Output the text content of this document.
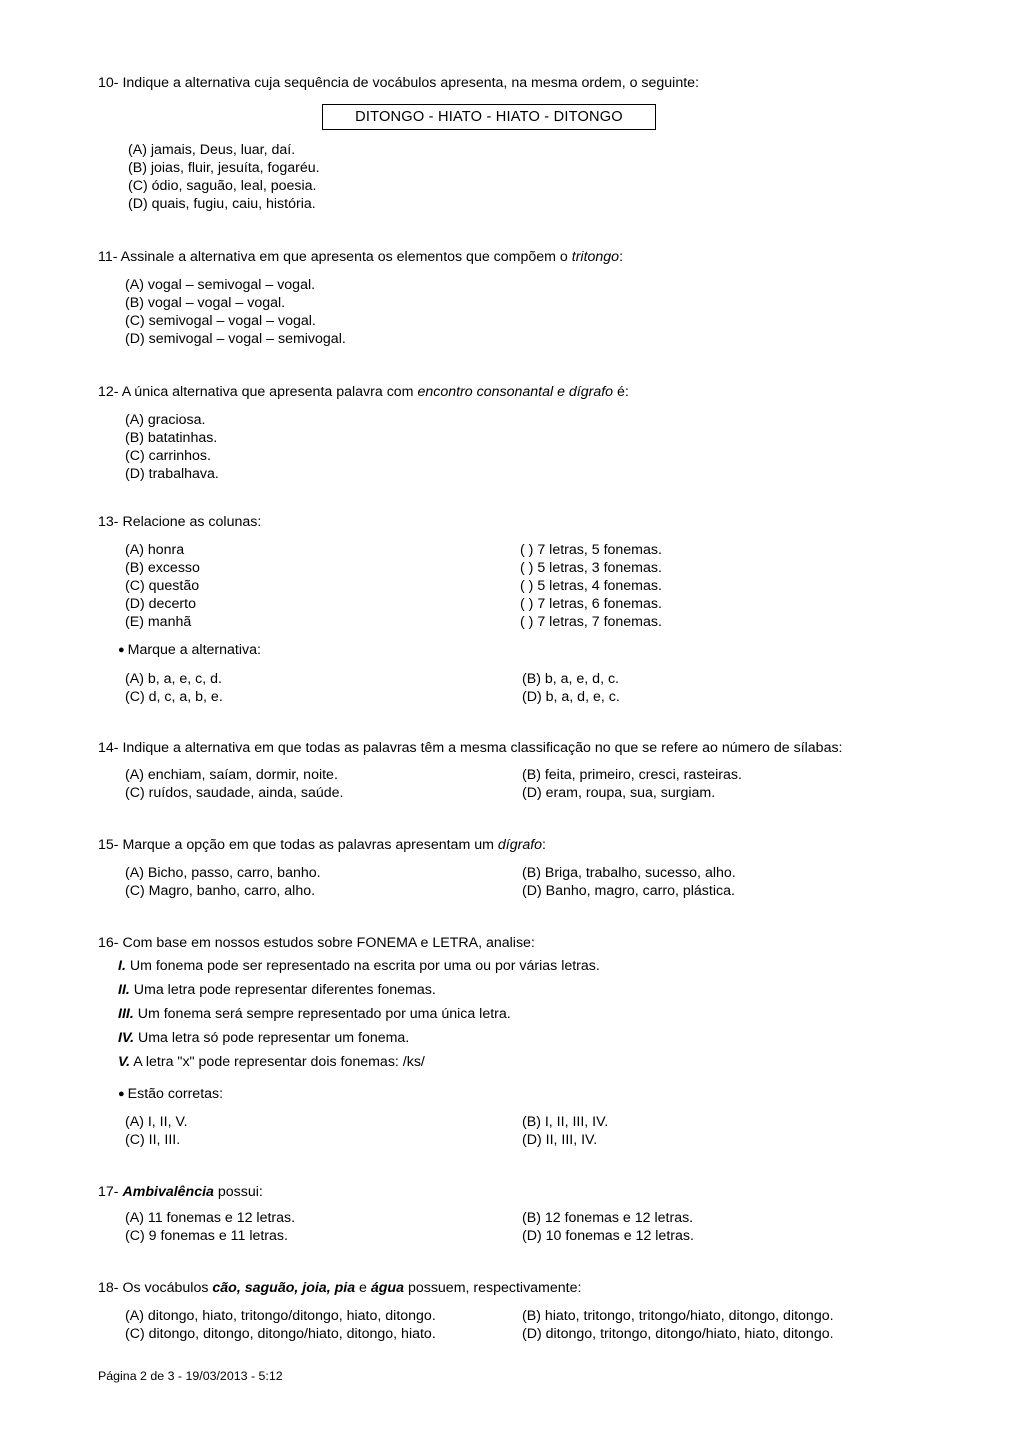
10- Indique a alternativa cuja sequência de vocábulos apresenta, na mesma ordem, o seguinte:
DITONGO - HIATO - HIATO - DITONGO
(A) jamais, Deus, luar, daí.
(B) joias, fluir, jesuíta, fogaréu.
(C) ódio, saguão, leal, poesia.
(D) quais, fugiu, caiu, história.
11- Assinale a alternativa em que apresenta os elementos que compõem o tritongo:
(A) vogal – semivogal – vogal.
(B) vogal – vogal – vogal.
(C) semivogal – vogal – vogal.
(D) semivogal – vogal – semivogal.
12- A única alternativa que apresenta palavra com encontro consonantal e dígrafo é:
(A) graciosa.
(B) batatinhas.
(C) carrinhos.
(D) trabalhava.
13- Relacione as colunas:
(A) honra
(B) excesso
(C) questão
(D) decerto
(E) manhã
( ) 7 letras, 5 fonemas.
( ) 5 letras, 3 fonemas.
( ) 5 letras, 4 fonemas.
( ) 7 letras, 6 fonemas.
( ) 7 letras, 7 fonemas.
● Marque a alternativa:
(A) b, a, e, c, d.
(C) d, c, a, b, e.
(B) b, a, e, d, c.
(D) b, a, d, e, c.
14- Indique a alternativa em que todas as palavras têm a mesma classificação no que se refere ao número de sílabas:
(A) enchiam, saíam, dormir, noite.
(C) ruídos, saudade, ainda, saúde.
(B) feita, primeiro, cresci, rasteiras.
(D) eram, roupa, sua, surgiam.
15- Marque a opção em que todas as palavras apresentam um dígrafo:
(A) Bicho, passo, carro, banho.
(C) Magro, banho, carro, alho.
(B) Briga, trabalho, sucesso, alho.
(D) Banho, magro, carro, plástica.
16- Com base em nossos estudos sobre FONEMA e LETRA, analise:
I. Um fonema pode ser representado na escrita por uma ou por várias letras.
II. Uma letra pode representar diferentes fonemas.
III. Um fonema será sempre representado por uma única letra.
IV. Uma letra só pode representar um fonema.
V. A letra "x" pode representar dois fonemas: /ks/
● Estão corretas:
(A) I, II, V.
(C) II, III.
(B) I, II, III, IV.
(D) II, III, IV.
17- Ambivalência possui:
(A) 11 fonemas e 12 letras.
(C) 9 fonemas e 11 letras.
(B) 12 fonemas e 12 letras.
(D) 10 fonemas e 12 letras.
18- Os vocábulos cão, saguão, joia, pia e água possuem, respectivamente:
(A) ditongo, hiato, tritongo/ditongo, hiato, ditongo.
(C) ditongo, ditongo, ditongo/hiato, ditongo, hiato.
(B) hiato, tritongo, tritongo/hiato, ditongo, ditongo.
(D) ditongo, tritongo, ditongo/hiato, hiato, ditongo.
Página 2 de 3 - 19/03/2013 - 5:12
